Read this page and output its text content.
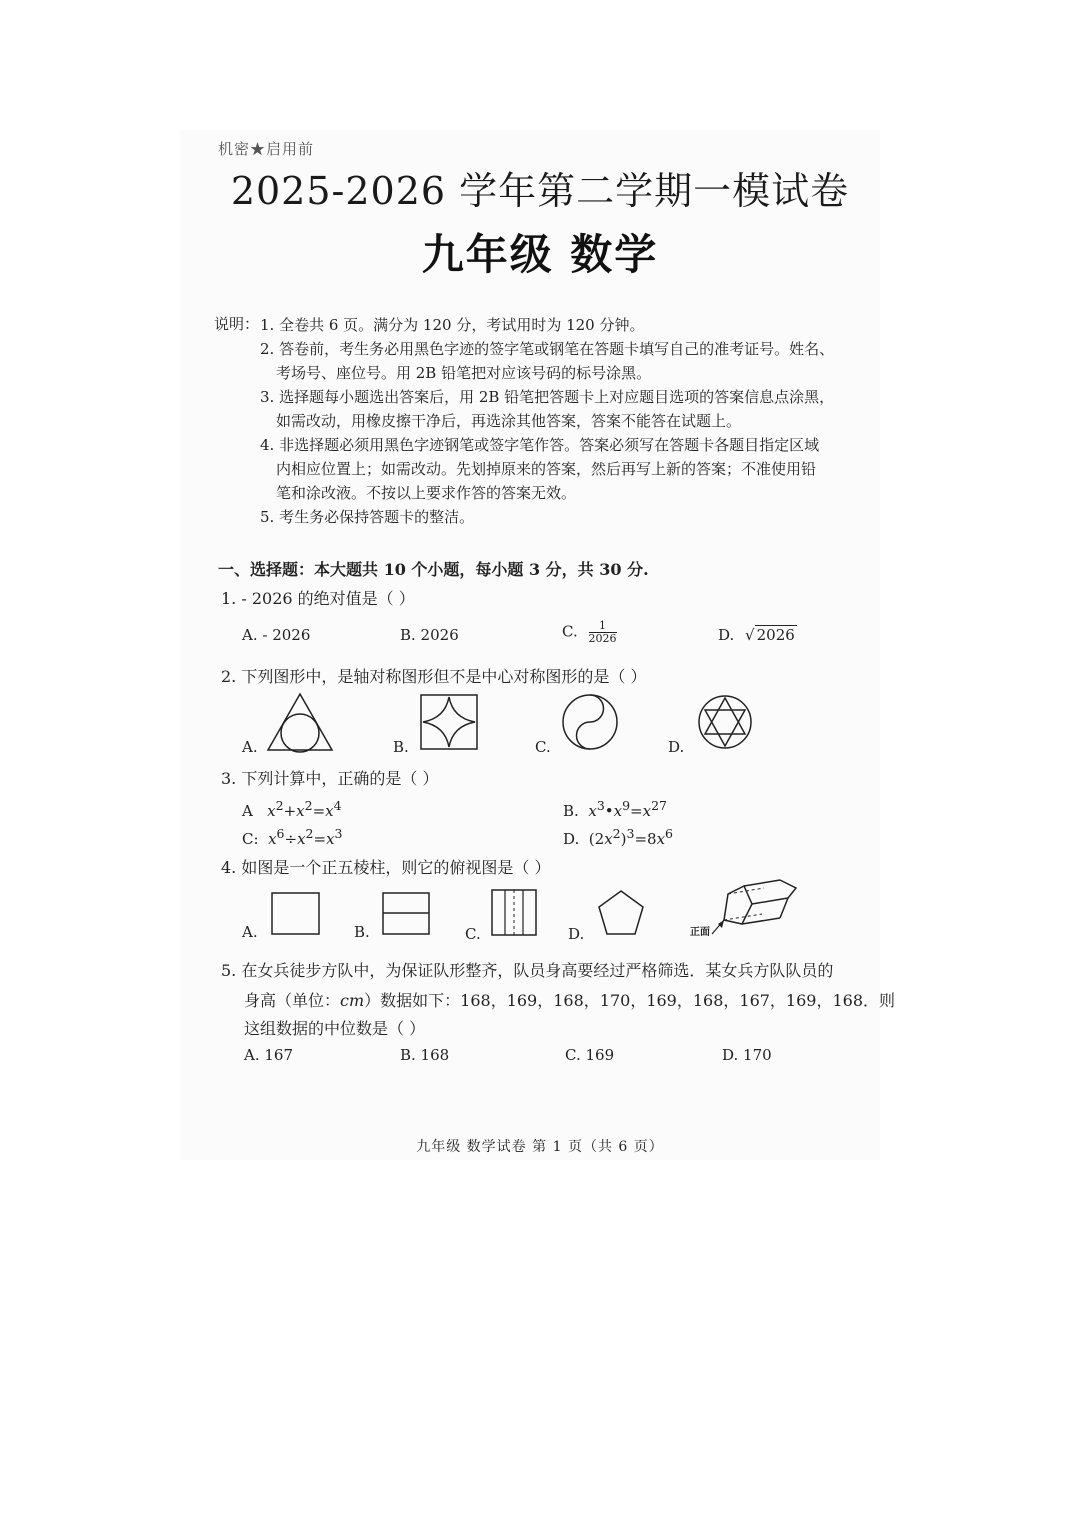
机密★启用前
2025-2026 学年第二学期一模试卷
九年级 数学
说明： 1. 全卷共 6 页。满分为 120 分，考试用时为 120 分钟。
2. 答卷前，考生务必用黑色字迹的签字笔或钢笔在答题卡填写自己的准考证号。姓名、
考场号、座位号。用 2B 铅笔把对应该号码的标号涂黑。
3. 选择题每小题选出答案后，用 2B 铅笔把答题卡上对应题目选项的答案信息点涂黑，
如需改动，用橡皮擦干净后，再选涂其他答案，答案不能答在试题上。
4. 非选择题必须用黑色字迹钢笔或签字笔作答。答案必须写在答题卡各题目指定区域
内相应位置上；如需改动。先划掉原来的答案，然后再写上新的答案；不准使用铅
笔和涂改液。不按以上要求作答的答案无效。
5. 考生务必保持答题卡的整洁。
一、选择题：本大题共 10 个小题，每小题 3 分，共 30 分.
1. - 2026 的绝对值是（ ）
A. - 2026	B. 2026	C. $\frac{1}{2026}$	D. √ 2026
2. 下列图形中，是轴对称图形但不是中心对称图形的是（ ）
A.	B.	C.	D.
3. 下列计算中，正确的是（ ）
A $x^2+x^2=x^4$	B. $x^3•x^9=x^{27}$
C: $x^6\div x^2=x^3$	D.  $(2x^2)^3=8x^6$
4. 如图是一个正五棱柱，则它的俯视图是（ ）
A.	B.	C.	D.	正面
5. 在女兵徒步方队中，为保证队形整齐，队员身高要经过严格筛选．某女兵方队队员的
身高（单位：cm）数据如下：168，169，168，170，169，168，167，169，168．则
这组数据的中位数是（ ）
A. 167	B. 168	C. 169	D. 170
九年级 数学试卷 第 1 页（共 6 页）
